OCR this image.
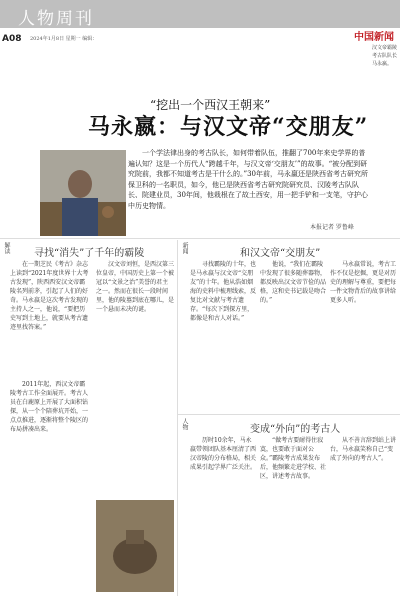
人物周刊
A08 2024年1月8日 星期一 编辑：	中国新闻
汉文帝霸陵考古队队长马永嬴。
“挖出一个西汉王朝来”
马永嬴：与汉文帝“交朋友”
一个学法律出身的考古队长，如何带着队伍，推翻了700年来史学界的普遍认知？这是一个历代人“跨越千年，与汉文帝‘交朋友’”的故事。“被分配到研究院前，我都不知道考古是干什么的。”30年前，马永嬴还是陕西省考古研究所保卫科的一名职员，如今，他已是陕西省考古研究院研究员、汉陵考古队队长、院建业员，30年间，他栽根在了故土西安，用一把手铲和一支笔，守护心中历史物情。
本报记者 罗鲁峰
解读	新闻
人物
寻找“消失”了千年的霸陵
在一期芝民《考古》杂志上读到“2021年度世界十大考古发现”，陕西西安汉文帝霸陵名列前茅，引起了人们的好奇。马永嬴是这次考古发现的主持人之一，他说，“要把历史写到土地上，就要从考古遗迹里找答案。”
汉文帝刘恒，是西汉第三位皇帝，中国历史上第一个被冠以“文景之治”美誉的君主之一。然而在很长一段时间里，他的陵墓到底在哪儿，是一个悬而未决的谜。
2011年起，西汉文帝霸陵考古工作全面展开。考古人员在白鹿原上开展了大面积钻探，从一个个陪葬坑开始，一点点推进，逐渐将整个陵区的布局拼凑出来。
和汉文帝“交朋友”
寻找霸陵的十年，也是马永嬴与汉文帝“交朋友”的十年。他从浩如烟海的史料中梳理线索，反复比对文献与考古遗存。“每次下到探方里，都像是和古人对话。”
他说，“我们在霸陵中发现了很多随葬器物，都反映出汉文帝节俭的品格，这和史书记载是吻合的。”
马永嬴常说，考古工作不仅是挖掘，更是对历史的理解与尊重，要把每一件文物背后的故事讲给更多人听。
变成“外向”的考古人
历时10余年，马永嬴带领团队基本厘清了西汉帝陵的分布格局，相关成果引起学界广泛关注。
“做考古要耐得住寂寞，也要敢于面对公众。”霸陵考古成果发布后，他频繁走进学校、社区，讲述考古故事。
从不善言辞到站上讲台，马永嬴笑称自己“变成了外向的考古人”。
